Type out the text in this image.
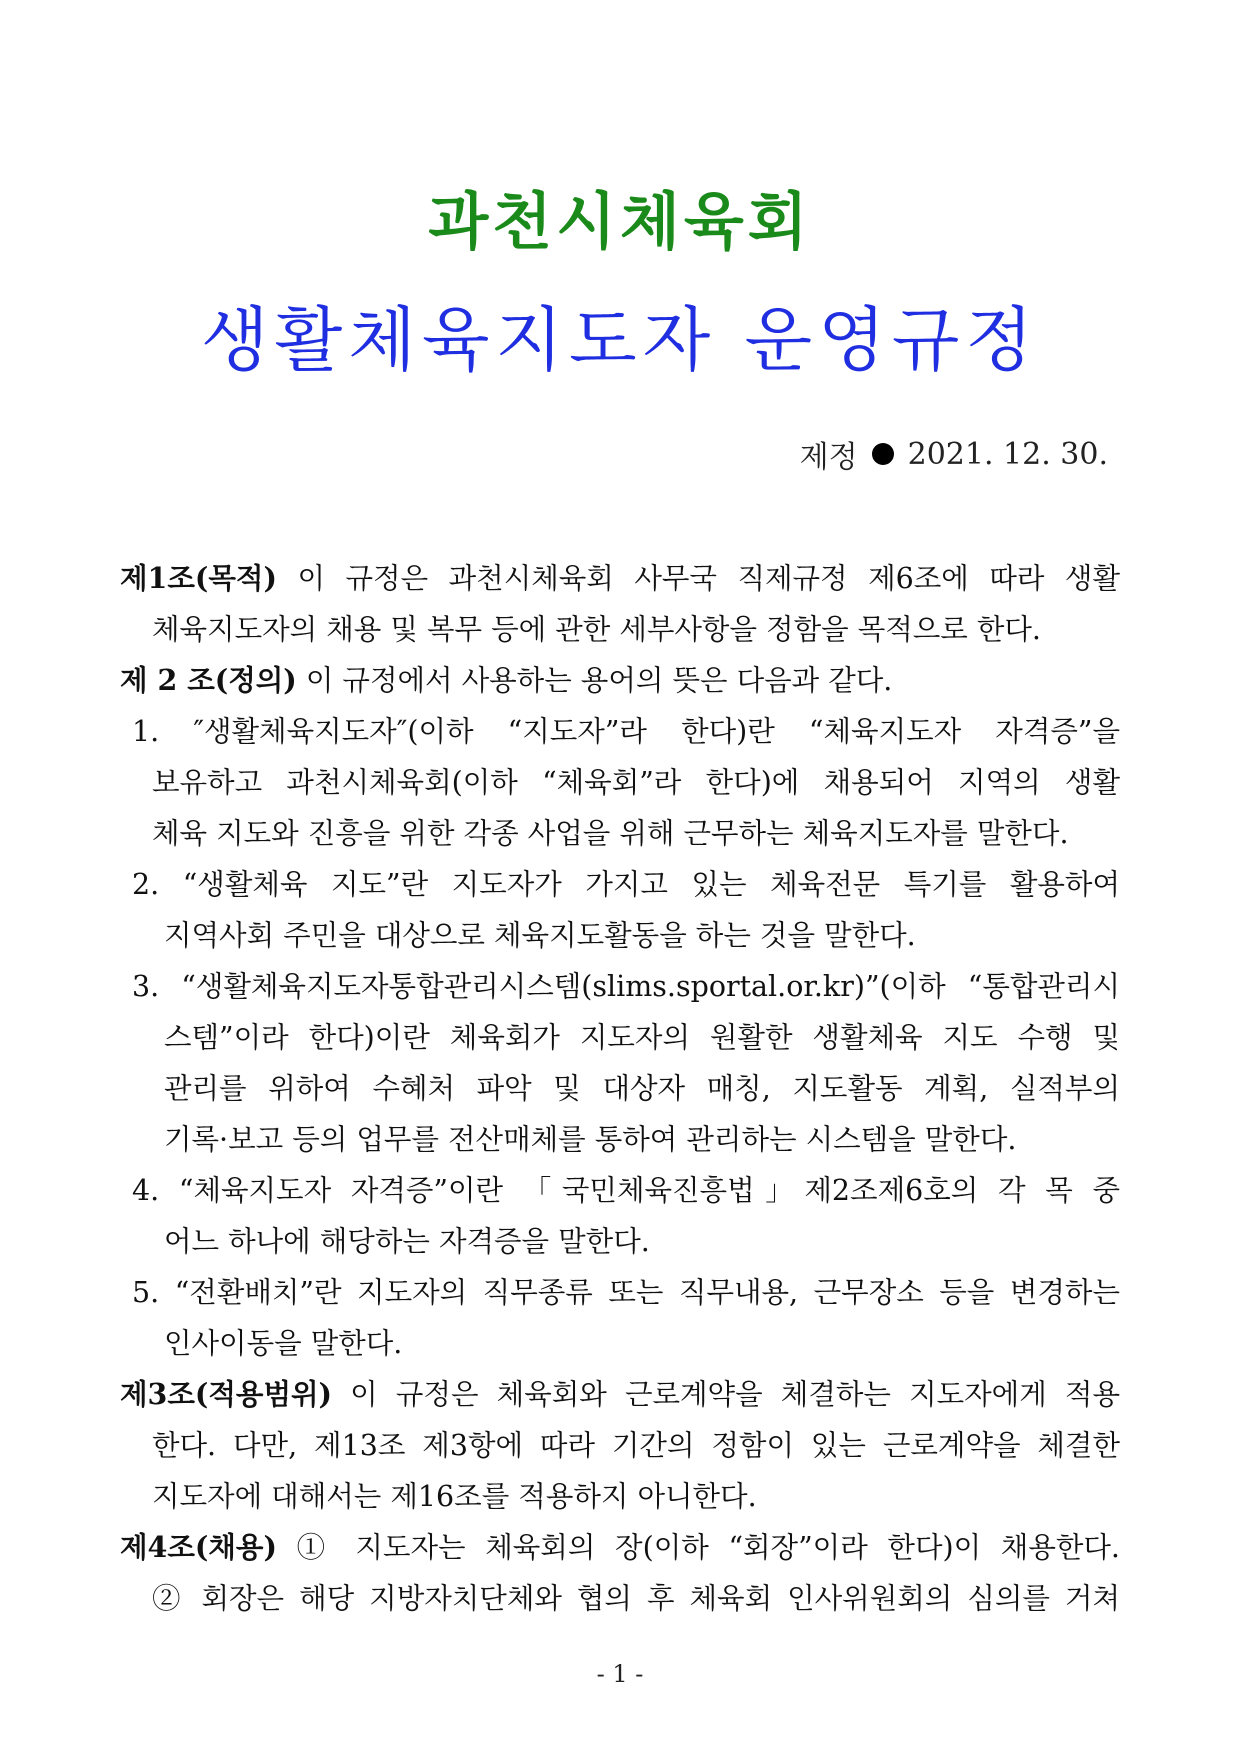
과천시체육회
생활체육지도자 운영규정
제정 2021. 12. 30.
제1조(목적) 이 규정은 과천시체육회 사무국 직제규정 제6조에 따라 생활
체육지도자의 채용 및 복무 등에 관한 세부사항을 정함을 목적으로 한다.
제 2 조(정의) 이 규정에서 사용하는 용어의 뜻은 다음과 같다.
1. ″생활체육지도자″(이하 “지도자”라 한다)란 “체육지도자 자격증”을
보유하고 과천시체육회(이하 “체육회”라 한다)에 채용되어 지역의 생활
체육 지도와 진흥을 위한 각종 사업을 위해 근무하는 체육지도자를 말한다.
2. “생활체육 지도”란 지도자가 가지고 있는 체육전문 특기를 활용하여
지역사회 주민을 대상으로 체육지도활동을 하는 것을 말한다.
3. “생활체육지도자통합관리시스템(slims.sportal.or.kr)”(이하 “통합관리시
스템”이라 한다)이란 체육회가 지도자의 원활한 생활체육 지도 수행 및
관리를 위하여 수혜처 파악 및 대상자 매칭, 지도활동 계획, 실적부의
기록·보고 등의 업무를 전산매체를 통하여 관리하는 시스템을 말한다.
4. “체육지도자 자격증”이란 「국민체육진흥법」제2조제6호의 각 목 중
어느 하나에 해당하는 자격증을 말한다.
5. “전환배치”란 지도자의 직무종류 또는 직무내용, 근무장소 등을 변경하는
인사이동을 말한다.
제3조(적용범위) 이 규정은 체육회와 근로계약을 체결하는 지도자에게 적용
한다. 다만, 제13조 제3항에 따라 기간의 정함이 있는 근로계약을 체결한
지도자에 대해서는 제16조를 적용하지 아니한다.
제4조(채용) ① 지도자는 체육회의 장(이하 “회장”이라 한다)이 채용한다.
② 회장은 해당 지방자치단체와 협의 후 체육회 인사위원회의 심의를 거쳐
- 1 -
